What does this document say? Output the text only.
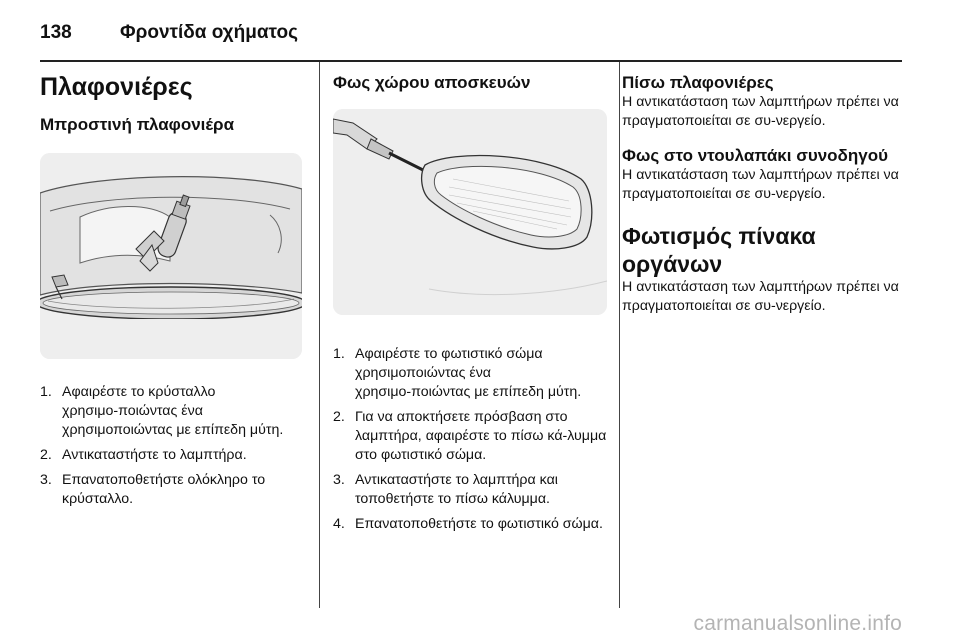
138	Φροντίδα οχήματος
Πλαφονιέρες
Μπροστινή πλαφονιέρα
1. Αφαιρέστε το κρύσταλλο χρησιμο‑ποιώντας ένα χρησιμοποιώντας με επίπεδη μύτη.
2. Αντικαταστήστε το λαμπτήρα.
3. Επανατοποθετήστε ολόκληρο το κρύσταλλο.
Φως χώρου αποσκευών
1. Αφαιρέστε το φωτιστικό σώμα χρησιμοποιώντας ένα χρησιμο‑ποιώντας με επίπεδη μύτη.
2. Για να αποκτήσετε πρόσβαση στο λαμπτήρα, αφαιρέστε το πίσω κά‑λυμμα στο φωτιστικό σώμα.
3. Αντικαταστήστε το λαμπτήρα και τοποθετήστε το πίσω κάλυμμα.
4. Επανατοποθετήστε το φωτιστικό σώμα.
Πίσω πλαφονιέρες

Η αντικατάσταση των λαμπτήρων πρέπει να πραγματοποιείται σε συ‑νεργείο.

Φως στο ντουλαπάκι συνοδηγού

Η αντικατάσταση των λαμπτήρων πρέπει να πραγματοποιείται σε συ‑νεργείο.

Φωτισμός πίνακα οργάνων

Η αντικατάσταση των λαμπτήρων πρέπει να πραγματοποιείται σε συ‑νεργείο.

carmanualsonline.info
